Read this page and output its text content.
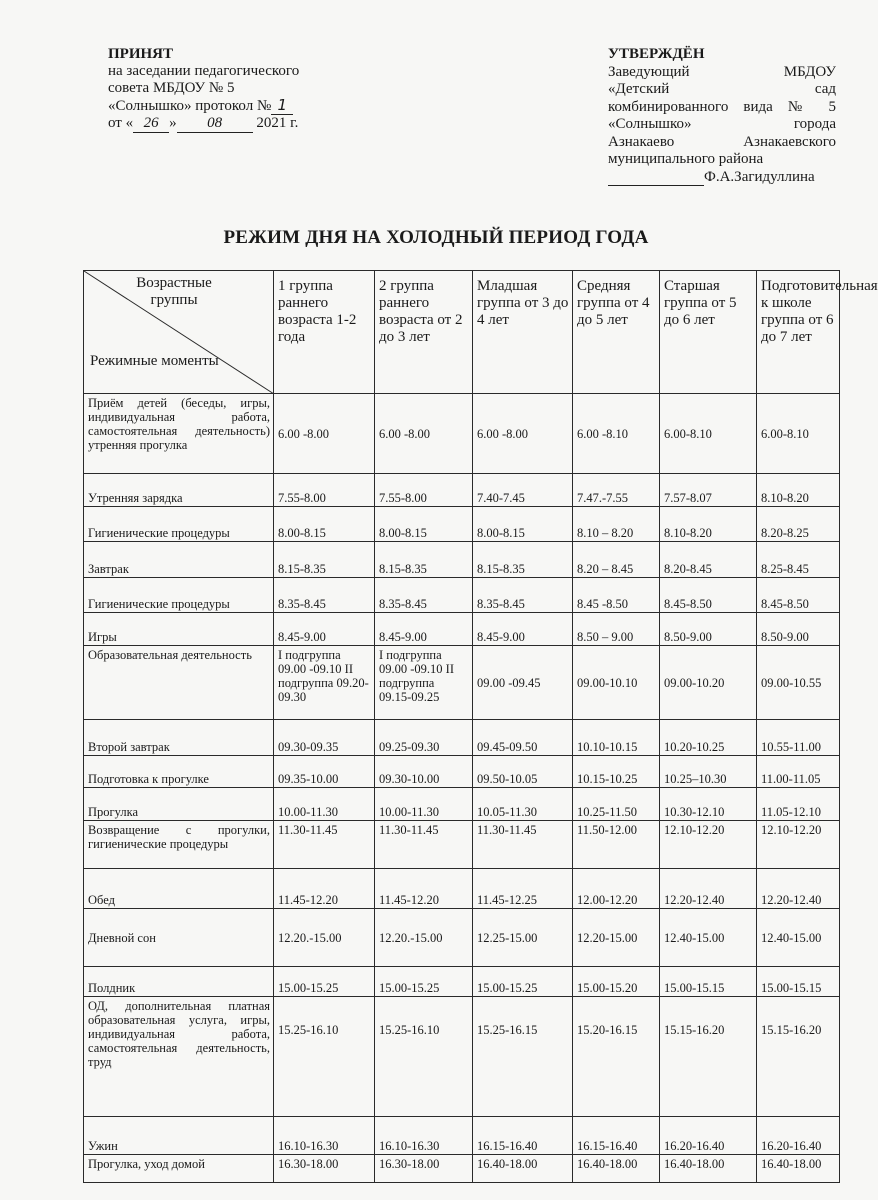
ПРИНЯТ
на заседании педагогического
совета МБДОУ № 5
«Солнышко» протокол № 1
от « 26 » 08 2021 г.
УТВЕРЖДЁН
Заведующий МБДОУ
«Детский сад
комбинированного вида № 5
«Солнышко» города
Азнакаево Азнакаевского
муниципального района
Ф.А.Загидуллина
РЕЖИМ ДНЯ НА ХОЛОДНЫЙ ПЕРИОД ГОДА
Возрастные группы
Режимные моменты	1 группа раннего возраста 1-2 года	2 группа раннего возраста от 2 до 3 лет	Младшая группа от 3 до 4 лет	Средняя группа от 4 до 5 лет	Старшая группа от 5 до 6 лет	Подготовительная к школе группа от 6 до 7 лет
Приём детей (беседы, игры, индивидуальная работа, самостоятельная деятельность) утренняя прогулка	6.00 -8.00	6.00 -8.00	6.00 -8.00	6.00 -8.10	6.00-8.10	6.00-8.10
Утренняя зарядка	7.55-8.00	7.55-8.00	7.40-7.45	7.47.-7.55	7.57-8.07	8.10-8.20
Гигиенические процедуры	8.00-8.15	8.00-8.15	8.00-8.15	8.10 – 8.20	8.10-8.20	8.20-8.25
Завтрак	8.15-8.35	8.15-8.35	8.15-8.35	8.20 – 8.45	8.20-8.45	8.25-8.45
Гигиенические процедуры	8.35-8.45	8.35-8.45	8.35-8.45	8.45 -8.50	8.45-8.50	8.45-8.50
Игры	8.45-9.00	8.45-9.00	8.45-9.00	8.50 – 9.00	8.50-9.00	8.50-9.00
Образовательная деятельность	I подгруппа 09.00 -09.10 II подгруппа 09.20-09.30	I подгруппа 09.00 -09.10 II подгруппа 09.15-09.25	09.00 -09.45	09.00-10.10	09.00-10.20	09.00-10.55
Второй завтрак	09.30-09.35	09.25-09.30	09.45-09.50	10.10-10.15	10.20-10.25	10.55-11.00
Подготовка к прогулке	09.35-10.00	09.30-10.00	09.50-10.05	10.15-10.25	10.25–10.30	11.00-11.05
Прогулка	10.00-11.30	10.00-11.30	10.05-11.30	10.25-11.50	10.30-12.10	11.05-12.10
Возвращение с прогулки, гигиенические процедуры	11.30-11.45	11.30-11.45	11.30-11.45	11.50-12.00	12.10-12.20	12.10-12.20
Обед	11.45-12.20	11.45-12.20	11.45-12.25	12.00-12.20	12.20-12.40	12.20-12.40
Дневной сон	12.20.-15.00	12.20.-15.00	12.25-15.00	12.20-15.00	12.40-15.00	12.40-15.00
Полдник	15.00-15.25	15.00-15.25	15.00-15.25	15.00-15.20	15.00-15.15	15.00-15.15
ОД, дополнительная платная образовательная услуга, игры, индивидуальная работа, самостоятельная деятельность, труд	15.25-16.10	15.25-16.10	15.25-16.15	15.20-16.15	15.15-16.20	15.15-16.20
Ужин	16.10-16.30	16.10-16.30	16.15-16.40	16.15-16.40	16.20-16.40	16.20-16.40
Прогулка, уход домой	16.30-18.00	16.30-18.00	16.40-18.00	16.40-18.00	16.40-18.00	16.40-18.00
